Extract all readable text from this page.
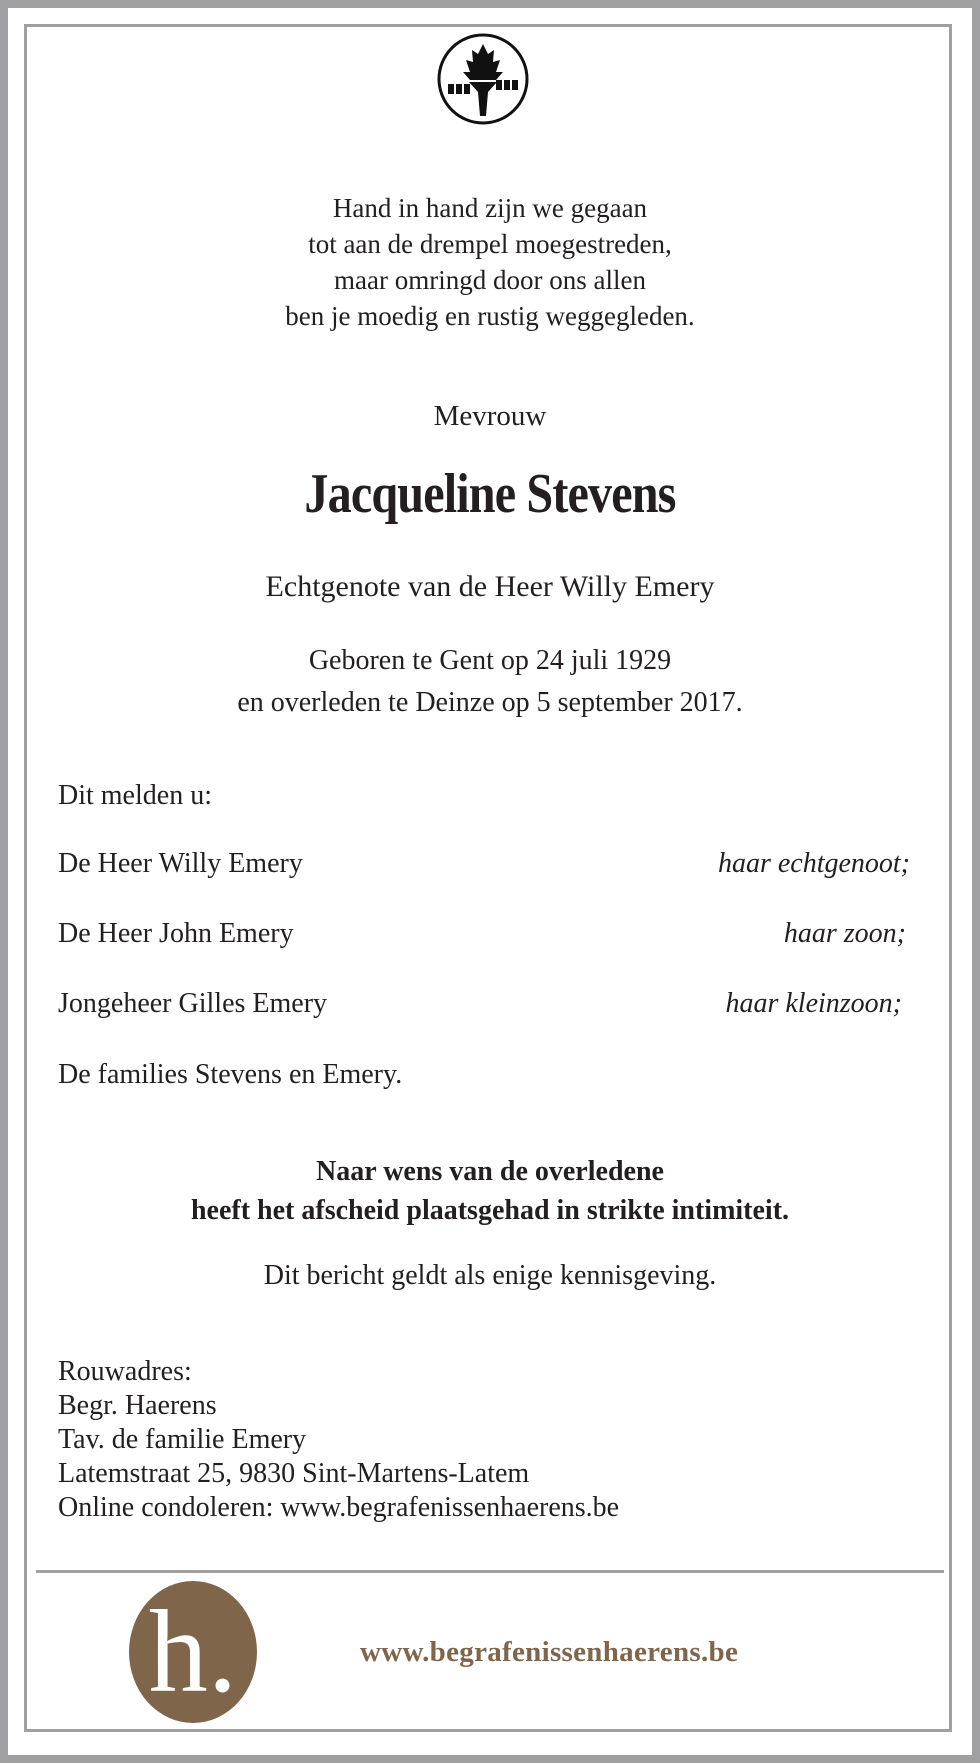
Hand in hand zijn we gegaan
tot aan de drempel moegestreden,
maar omringd door ons allen
ben je moedig en rustig weggegleden.
Mevrouw
Jacqueline Stevens
Echtgenote van de Heer Willy Emery
Geboren te Gent op 24 juli 1929
en overleden te Deinze op 5 september 2017.
Dit melden u:
De Heer Willy Emery	haar echtgenoot;
De Heer John Emery	haar zoon;
Jongeheer Gilles Emery	haar kleinzoon;
De families Stevens en Emery.
Naar wens van de overledene
heeft het afscheid plaatsgehad in strikte intimiteit.
Dit bericht geldt als enige kennisgeving.
Rouwadres:
Begr. Haerens
Tav. de familie Emery
Latemstraat 25, 9830 Sint-Martens-Latem
Online condoleren: www.begrafenissenhaerens.be
h.	www.begrafenissenhaerens.be
